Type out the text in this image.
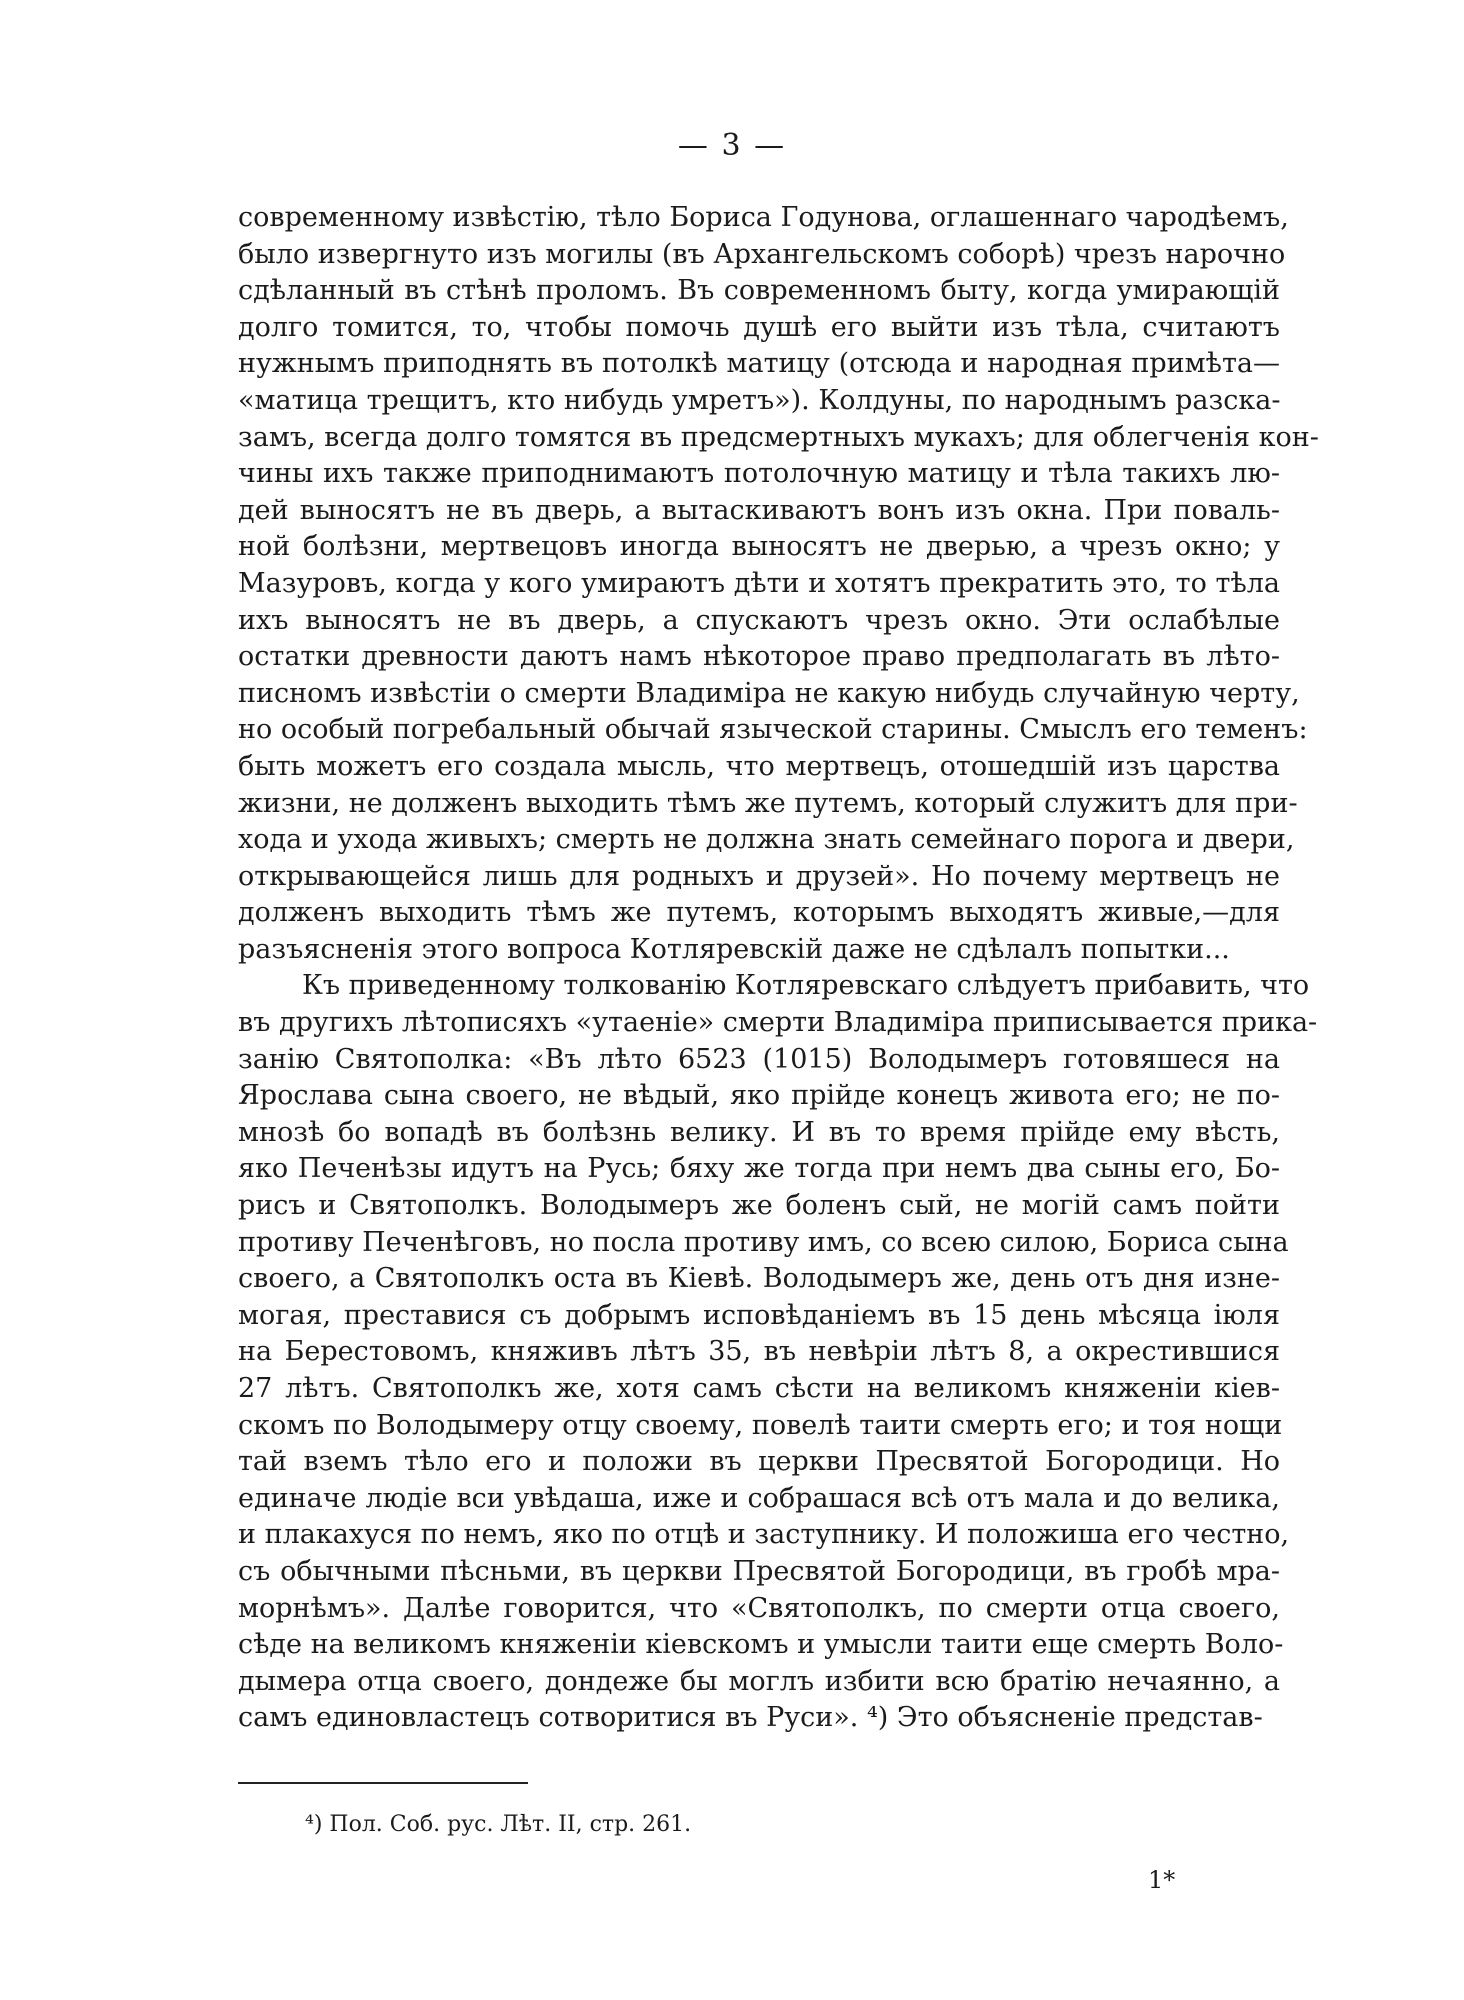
— 3 —
современному извѣстію, тѣло Бориса Годунова, оглашеннаго чародѣемъ,
было извергнуто изъ могилы (въ Архангельскомъ соборѣ) чрезъ нарочно
сдѣланный въ стѣнѣ проломъ. Въ современномъ быту, когда умирающій
долго томится, то, чтобы помочь душѣ его выйти изъ тѣла, считаютъ
нужнымъ приподнять въ потолкѣ матицу (отсюда и народная примѣта—
«матица трещитъ, кто нибудь умретъ»). Колдуны, по народнымъ разска-
замъ, всегда долго томятся въ предсмертныхъ мукахъ; для облегченія кон-
чины ихъ также приподнимаютъ потолочную матицу и тѣла такихъ лю-
дей выносятъ не въ дверь, а вытаскиваютъ вонъ изъ окна. При поваль-
ной болѣзни, мертвецовъ иногда выносятъ не дверью, а чрезъ окно; у
Мазуровъ, когда у кого умираютъ дѣти и хотятъ прекратить это, то тѣла
ихъ выносятъ не въ дверь, а спускаютъ чрезъ окно. Эти ослабѣлые
остатки древности даютъ намъ нѣкоторое право предполагать въ лѣто-
писномъ извѣстіи о смерти Владиміра не какую нибудь случайную черту,
но особый погребальный обычай языческой старины. Смыслъ его теменъ:
быть можетъ его создала мысль, что мертвецъ, отошедшій изъ царства
жизни, не долженъ выходить тѣмъ же путемъ, который служитъ для при-
хода и ухода живыхъ; смерть не должна знать семейнаго порога и двери,
открывающейся лишь для родныхъ и друзей». Но почему мертвецъ не
долженъ выходить тѣмъ же путемъ, которымъ выходятъ живые,—для
разъясненія этого вопроса Котляревскій даже не сдѣлалъ попытки...
Къ приведенному толкованію Котляревскаго слѣдуетъ прибавить, что
въ другихъ лѣтописяхъ «утаеніе» смерти Владиміра приписывается прика-
занію Святополка: «Въ лѣто 6523 (1015) Володымеръ готовяшеся на
Ярослава сына своего, не вѣдый, яко прійде конецъ живота его; не по-
мнозѣ бо вопадѣ въ болѣзнь велику. И въ то время прійде ему вѣсть,
яко Печенѣзы идутъ на Русь; бяху же тогда при немъ два сыны его, Бо-
рисъ и Святополкъ. Володымеръ же боленъ сый, не могій самъ пойти
противу Печенѣговъ, но посла противу имъ, со всею силою, Бориса сына
своего, а Святополкъ оста въ Кіевѣ. Володымеръ же, день отъ дня изне-
могая, преставися съ добрымъ исповѣданіемъ въ 15 день мѣсяца іюля
на Берестовомъ, княживъ лѣтъ 35, въ невѣріи лѣтъ 8, а окрестившися
27 лѣтъ. Святополкъ же, хотя самъ сѣсти на великомъ княженіи кіев-
скомъ по Володымеру отцу своему, повелѣ таити смерть его; и тоя нощи
тай вземъ тѣло его и положи въ церкви Пресвятой Богородици. Но
единаче людіе вси увѣдаша, иже и собрашася всѣ отъ мала и до велика,
и плакахуся по немъ, яко по отцѣ и заступнику. И положиша его честно,
съ обычными пѣсньми, въ церкви Пресвятой Богородици, въ гробѣ мра-
морнѣмъ». Далѣе говорится, что «Святополкъ, по смерти отца своего,
сѣде на великомъ княженіи кіевскомъ и умысли таити еще смерть Воло-
дымера отца своего, дондеже бы моглъ избити всю братію нечаянно, а
самъ единовластецъ сотворитися въ Руси». ⁴) Это объясненіе представ-
⁴) Пол. Соб. рус. Лѣт. II, стр. 261.
1*
